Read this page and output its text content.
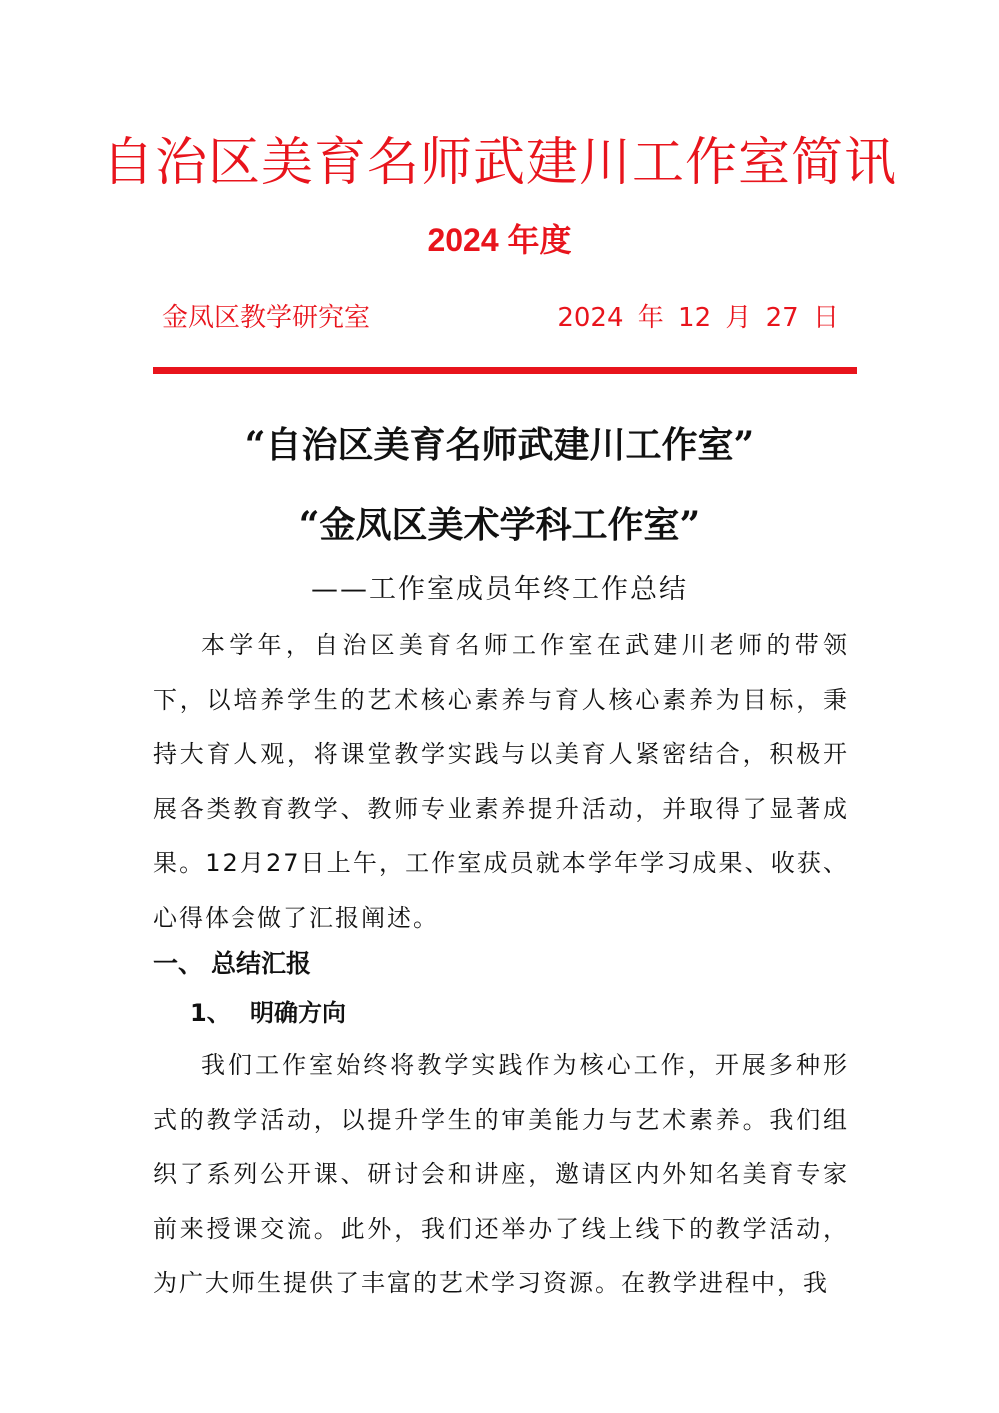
自治区美育名师武建川工作室简讯
2024 年度
金凤区教学研究室	2024 年 12 月 27 日
“自治区美育名师武建川工作室”
“金凤区美术学科工作室”
——工作室成员年终工作总结

本学年，自治区美育名师工作室在武建川老师的带领下，以培养学生的艺术核心素养与育人核心素养为目标，秉持大育人观，将课堂教学实践与以美育人紧密结合，积极开展各类教育教学、教师专业素养提升活动，并取得了显著成果。12月27日上午，工作室成员就本学年学习成果、收获、心得体会做了汇报阐述。

一、 总结汇报
1、 明确方向

我们工作室始终将教学实践作为核心工作，开展多种形式的教学活动，以提升学生的审美能力与艺术素养。我们组织了系列公开课、研讨会和讲座，邀请区内外知名美育专家前来授课交流。此外，我们还举办了线上线下的教学活动，为广大师生提供了丰富的艺术学习资源。在教学进程中，我
